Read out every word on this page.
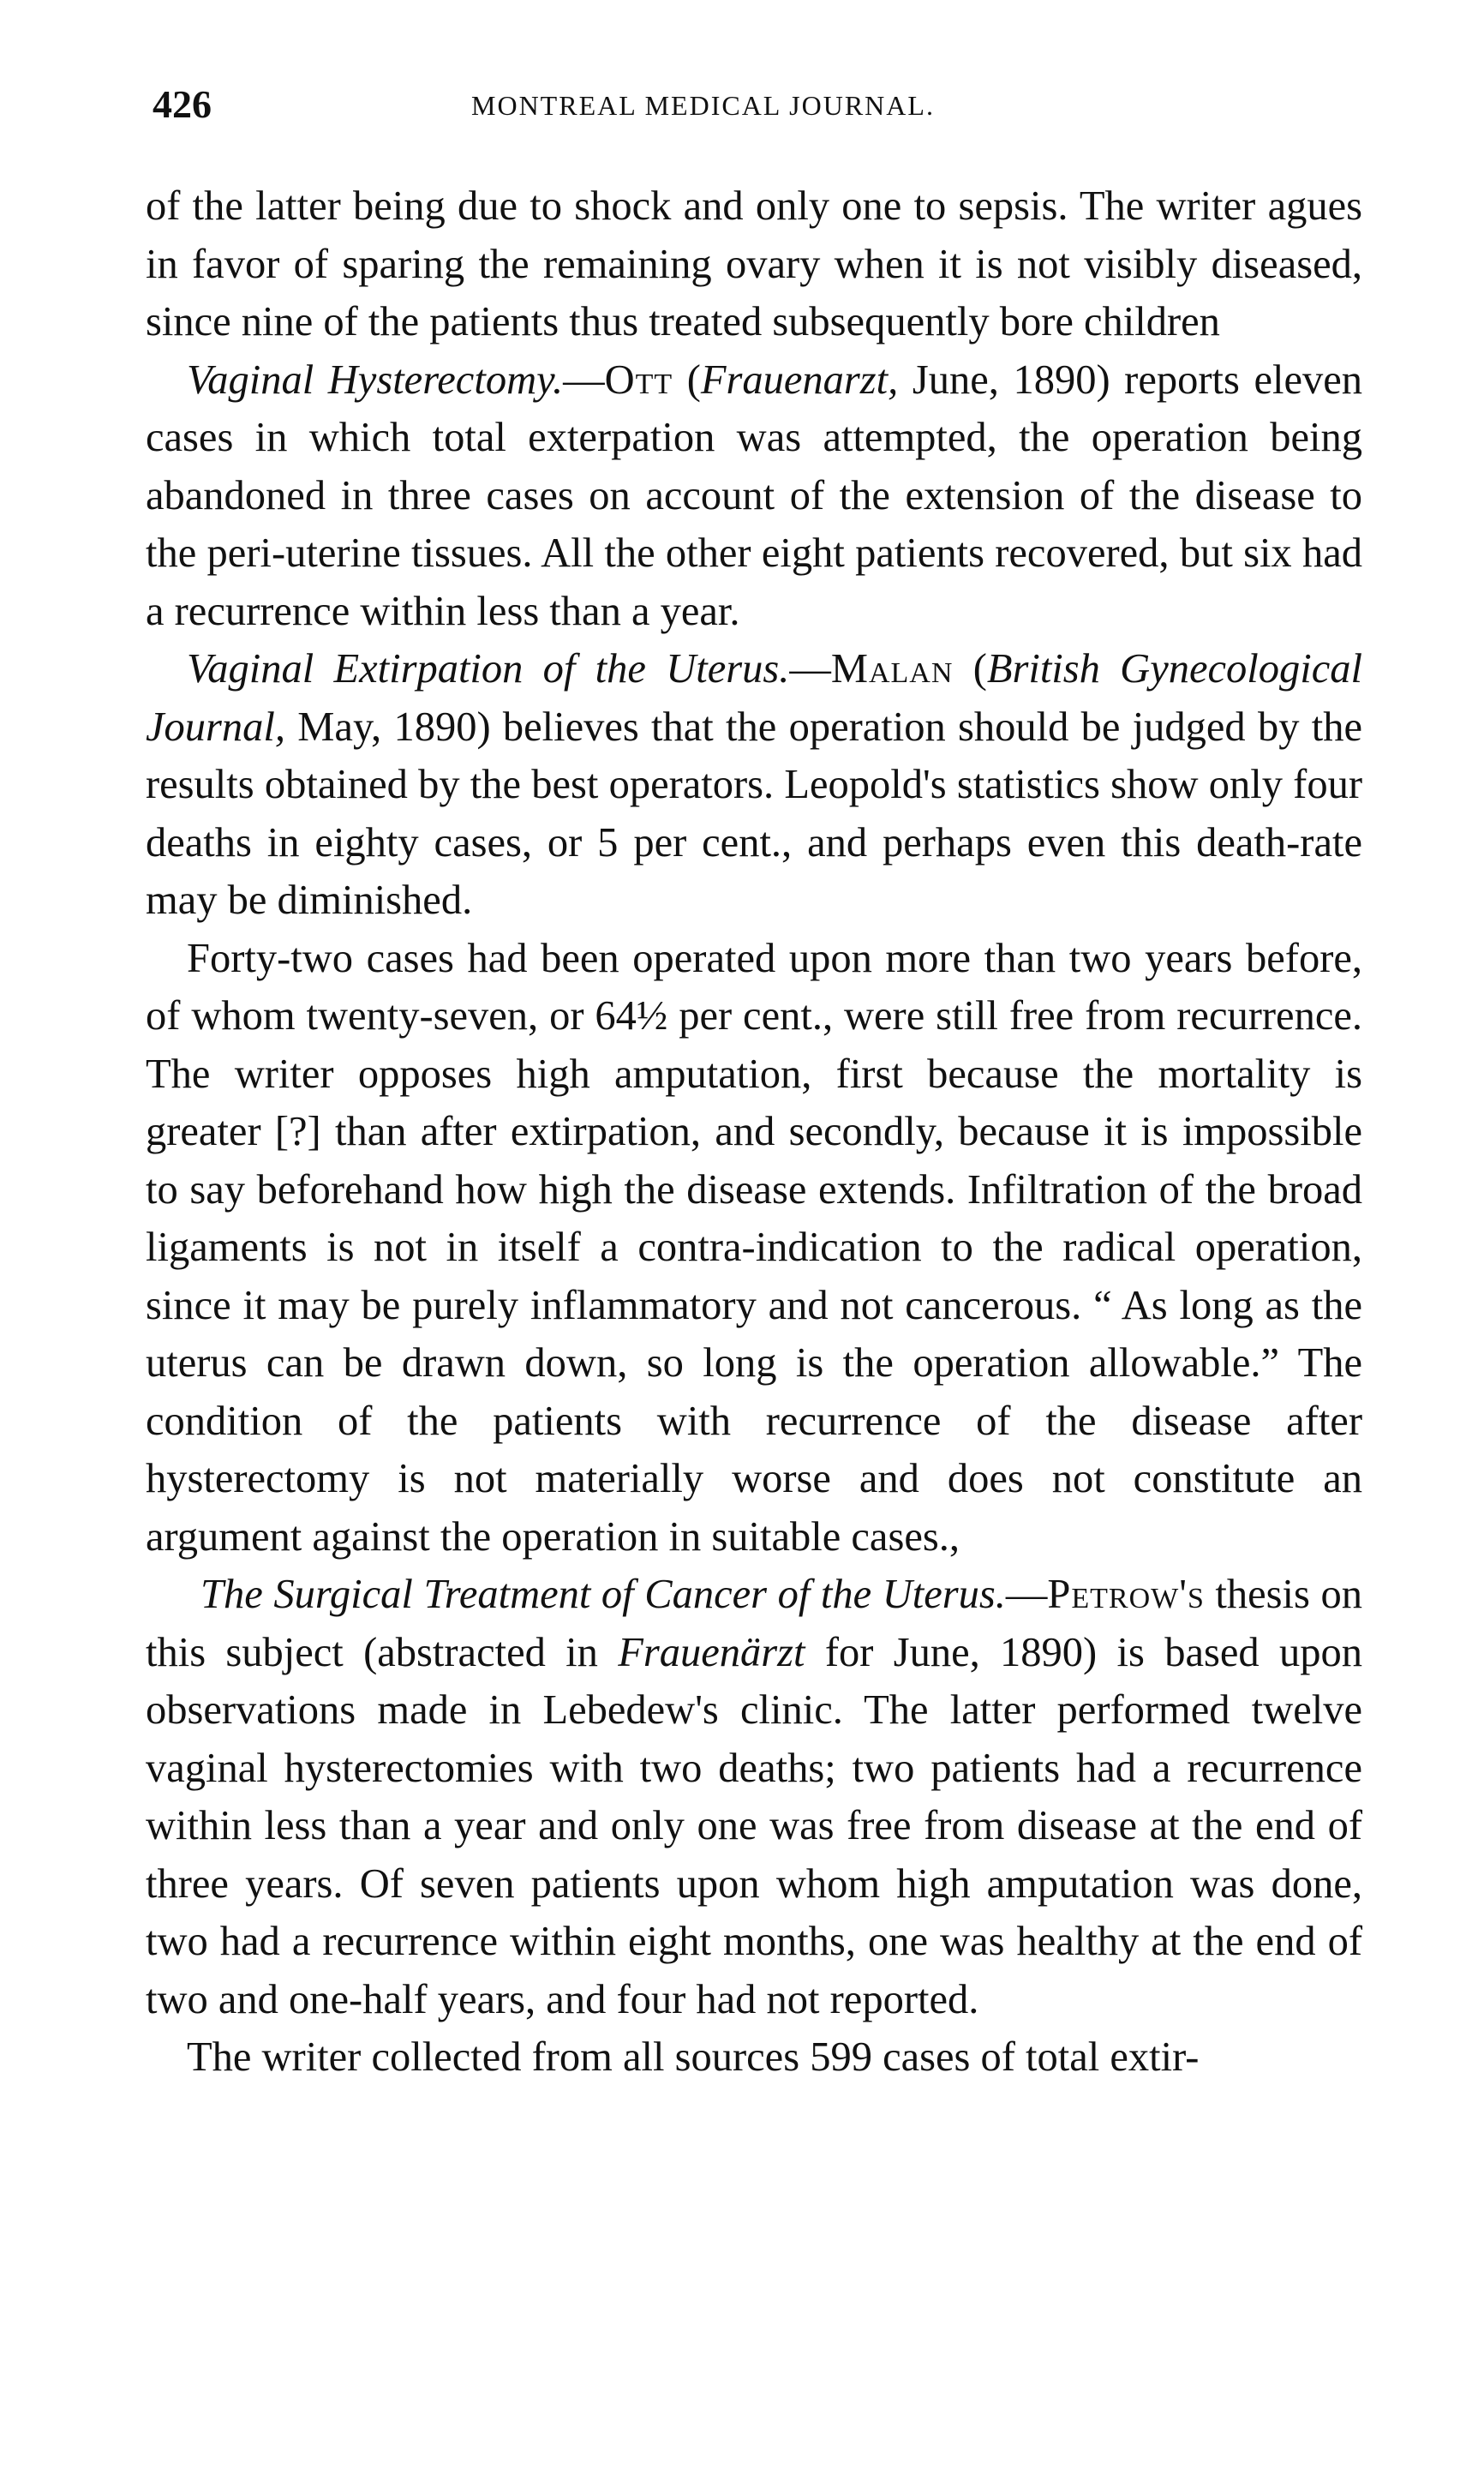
426	MONTREAL MEDICAL JOURNAL.

of the latter being due to shock and only one to sepsis. The writer agues in favor of sparing the remaining ovary when it is not visibly diseased, since nine of the patients thus treated subsequently bore children

Vaginal Hysterectomy.—Ott (Frauenarzt, June, 1890) reports eleven cases in which total exterpation was attempted, the operation being abandoned in three cases on account of the extension of the disease to the peri-uterine tissues. All the other eight patients recovered, but six had a recurrence within less than a year.

Vaginal Extirpation of the Uterus.—Malan (British Gynecological Journal, May, 1890) believes that the operation should be judged by the results obtained by the best operators. Leopold's statistics show only four deaths in eighty cases, or 5 per cent., and perhaps even this death-rate may be diminished.

Forty-two cases had been operated upon more than two years before, of whom twenty-seven, or 64½ per cent., were still free from recurrence. The writer opposes high amputation, first because the mortality is greater [?] than after extirpation, and secondly, because it is impossible to say beforehand how high the disease extends. Infiltration of the broad ligaments is not in itself a contra-indication to the radical operation, since it may be purely inflammatory and not cancerous. “ As long as the uterus can be drawn down, so long is the operation allowable.” The condition of the patients with recurrence of the disease after hysterectomy is not materially worse and does not constitute an argument against the operation in suitable cases.,

The Surgical Treatment of Cancer of the Uterus.—Petrow's thesis on this subject (abstracted in Frauenärzt for June, 1890) is based upon observations made in Lebedew's clinic. The latter performed twelve vaginal hysterectomies with two deaths; two patients had a recurrence within less than a year and only one was free from disease at the end of three years. Of seven patients upon whom high amputation was done, two had a recurrence within eight months, one was healthy at the end of two and one-half years, and four had not reported.

The writer collected from all sources 599 cases of total extir-
